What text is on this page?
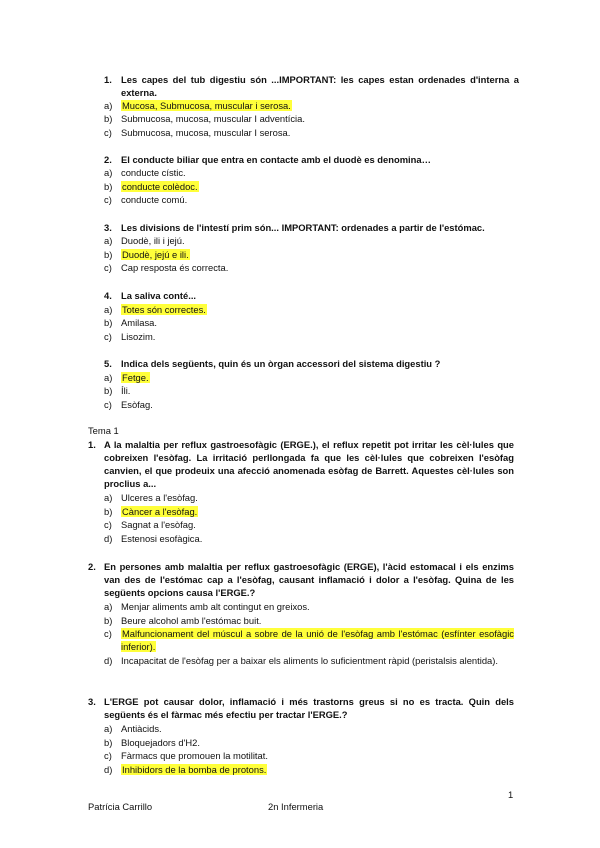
1. Les capes del tub digestiu són ...IMPORTANT: les capes estan ordenades d'interna a externa.
a) Mucosa, Submucosa, muscular i serosa.
b) Submucosa, mucosa, muscular I adventícia.
c) Submucosa, mucosa, muscular I serosa.
2. El conducte biliar que entra en contacte amb el duodè es denomina…
a) conducte cístic.
b) conducte colèdoc.
c) conducte comú.
3. Les divisions de l'intestí prim són... IMPORTANT: ordenades a partir de l'estómac.
a) Duodè, ili i jejú.
b) Duodè, jejú e ili.
c) Cap resposta és correcta.
4. La saliva conté...
a) Totes són correctes.
b) Amilasa.
c) Lisozim.
5. Indica dels següents, quin és un òrgan accessori del sistema digestiu ?
a) Fetge.
b) Íli.
c) Esòfag.
Tema 1
1. A la malaltia per reflux gastroesofàgic (ERGE.), el reflux repetit pot irritar les cèl·lules que cobreixen l'esòfag. La irritació perllongada fa que les cèl·lules que cobreixen l'esòfag canvien, el que prodeuix una afecció anomenada esòfag de Barrett. Aquestes cèl·lules son proclius a...
a) Ulceres a l'esòfag.
b) Càncer a l'esòfag.
c) Sagnat a l'esòfag.
d) Estenosi esofàgica.
2. En persones amb malaltia per reflux gastroesofàgic (ERGE), l'àcid estomacal i els enzims van des de l'estómac cap a l'esòfag, causant inflamació i dolor a l'esòfag. Quina de les següents opcions causa l'ERGE.?
a) Menjar aliments amb alt contingut en greixos.
b) Beure alcohol amb l'estómac buit.
c) Malfuncionament del múscul a sobre de la unió de l'esòfag amb l'estómac (esfínter esofàgic inferior).
d) Incapacitat de l'esòfag per a baixar els aliments lo suficientment ràpid (peristalsis alentida).
3. L'ERGE pot causar dolor, inflamació i més trastorns greus si no es tracta. Quin dels següents és el fàrmac més efectiu per tractar l'ERGE.?
a) Antiàcids.
b) Bloquejadors d'H2.
c) Fàrmacs que promouen la motilitat.
d) Inhibidors de la bomba de protons.
1
Patrícia Carrillo	2n Infermeria
